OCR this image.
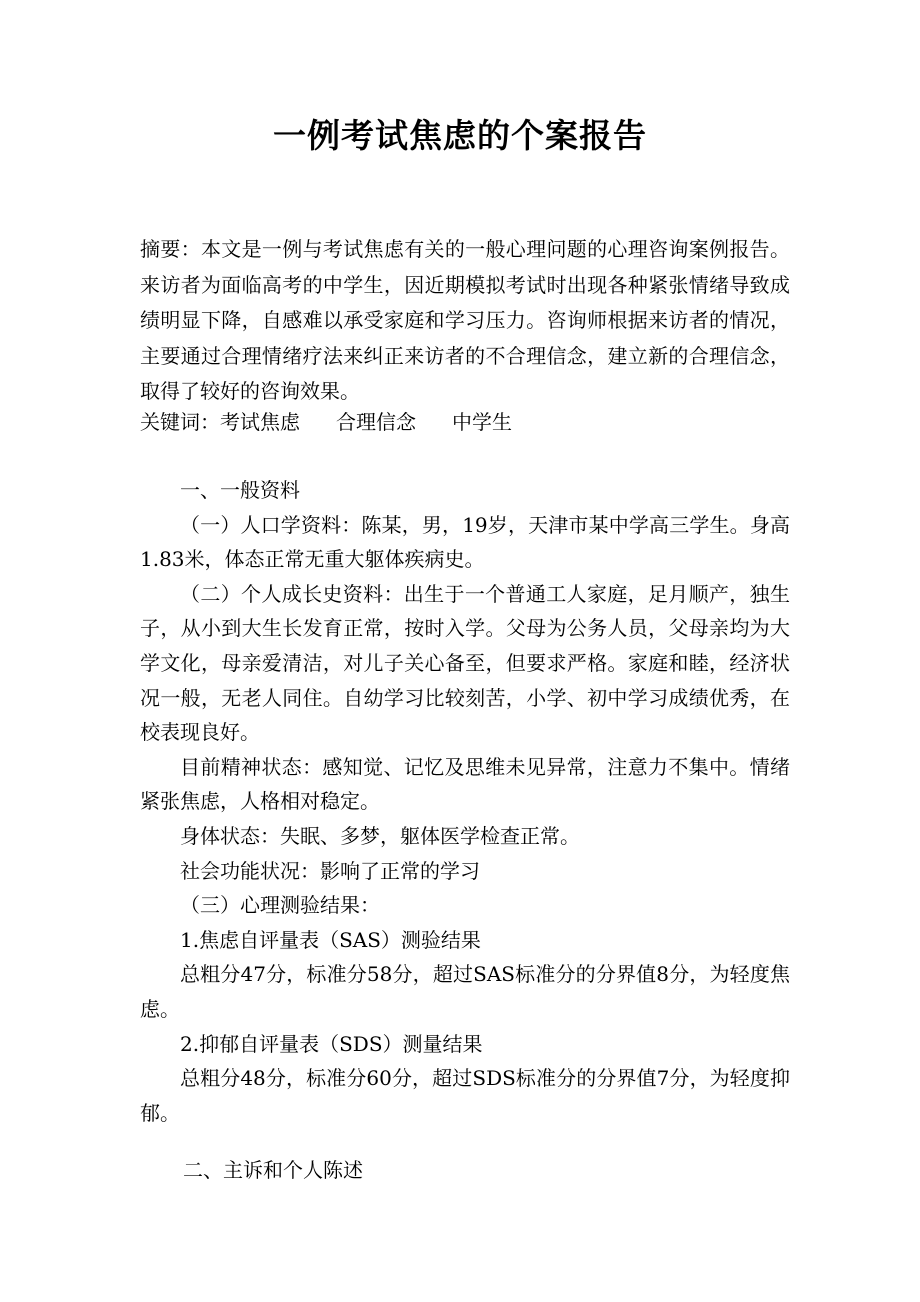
一例考试焦虑的个案报告

摘要：本文是一例与考试焦虑有关的一般心理问题的心理咨询案例报告。来访者为面临高考的中学生，因近期模拟考试时出现各种紧张情绪导致成绩明显下降，自感难以承受家庭和学习压力。咨询师根据来访者的情况，主要通过合理情绪疗法来纠正来访者的不合理信念，建立新的合理信念，取得了较好的咨询效果。

关键词：考试焦虑 合理信念 中学生

一、一般资料

（一）人口学资料：陈某，男，19岁，天津市某中学高三学生。身高1.83米，体态正常无重大躯体疾病史。

（二）个人成长史资料：出生于一个普通工人家庭，足月顺产，独生子，从小到大生长发育正常，按时入学。父母为公务人员，父母亲均为大学文化，母亲爱清洁，对儿子关心备至，但要求严格。家庭和睦，经济状况一般，无老人同住。自幼学习比较刻苦，小学、初中学习成绩优秀，在校表现良好。

目前精神状态：感知觉、记忆及思维未见异常，注意力不集中。情绪紧张焦虑，人格相对稳定。

身体状态：失眠、多梦，躯体医学检查正常。

社会功能状况：影响了正常的学习

（三）心理测验结果：

1.焦虑自评量表（SAS）测验结果

总粗分47分，标准分58分，超过SAS标准分的分界值8分，为轻度焦虑。

2.抑郁自评量表（SDS）测量结果

总粗分48分，标准分60分，超过SDS标准分的分界值7分，为轻度抑郁。

二、主诉和个人陈述
